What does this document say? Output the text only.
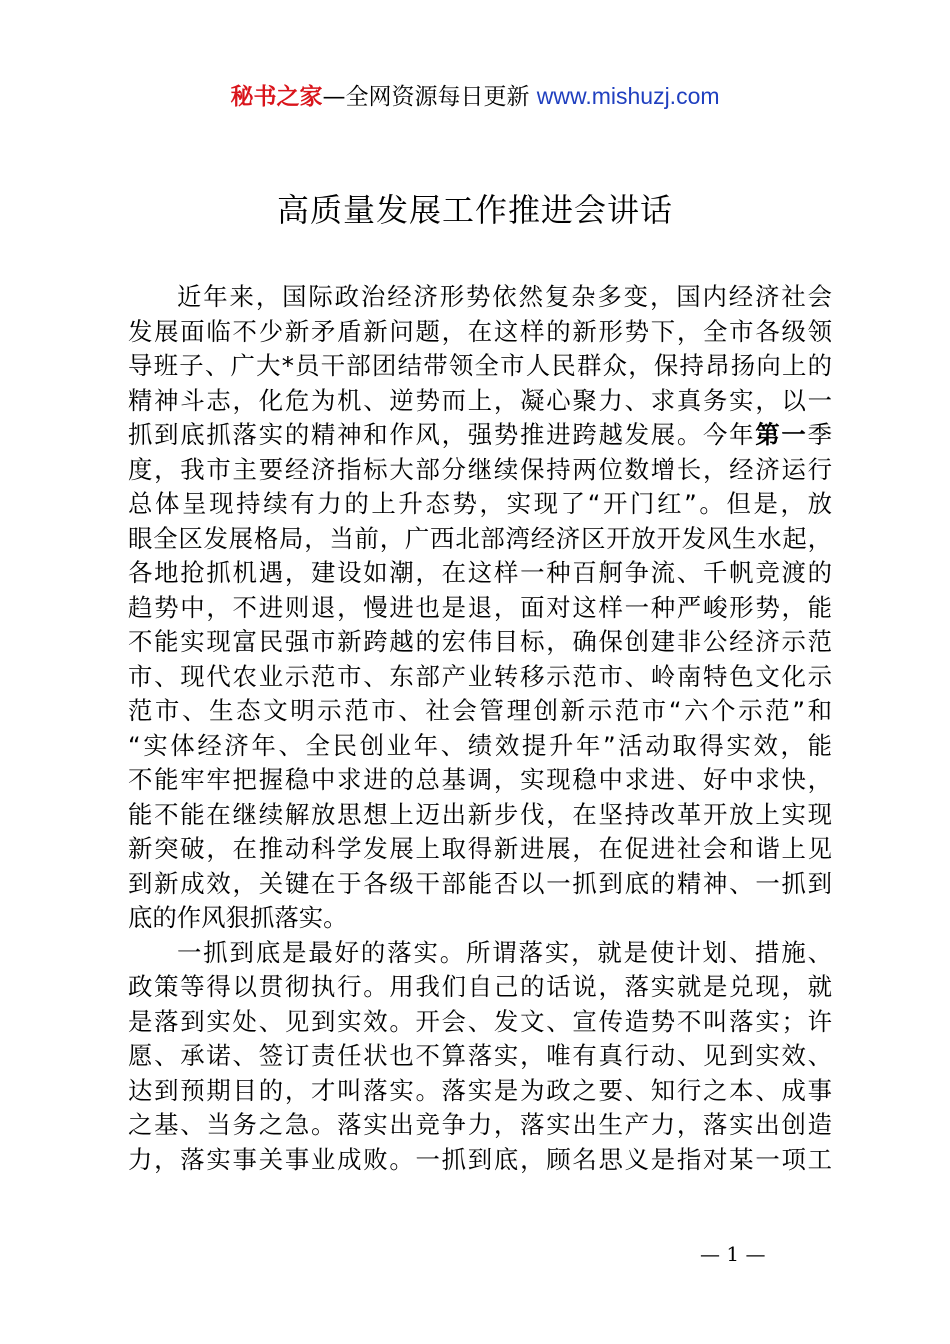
秘书之家—全网资源每日更新 www.mishuzj.com
高质量发展工作推进会讲话
近年来，国际政治经济形势依然复杂多变，国内经济社会
发展面临不少新矛盾新问题，在这样的新形势下，全市各级领
导班子、广大*员干部团结带领全市人民群众，保持昂扬向上的
精神斗志，化危为机、逆势而上，凝心聚力、求真务实，以一
抓到底抓落实的精神和作风，强势推进跨越发展。今年第一季
度，我市主要经济指标大部分继续保持两位数增长，经济运行
总体呈现持续有力的上升态势，实现了“开门红”。但是，放
眼全区发展格局，当前，广西北部湾经济区开放开发风生水起，
各地抢抓机遇，建设如潮，在这样一种百舸争流、千帆竞渡的
趋势中，不进则退，慢进也是退，面对这样一种严峻形势，能
不能实现富民强市新跨越的宏伟目标，确保创建非公经济示范
市、现代农业示范市、东部产业转移示范市、岭南特色文化示
范市、生态文明示范市、社会管理创新示范市“六个示范”和
“实体经济年、全民创业年、绩效提升年”活动取得实效，能
不能牢牢把握稳中求进的总基调，实现稳中求进、好中求快，
能不能在继续解放思想上迈出新步伐，在坚持改革开放上实现
新突破，在推动科学发展上取得新进展，在促进社会和谐上见
到新成效，关键在于各级干部能否以一抓到底的精神、一抓到
底的作风狠抓落实。
一抓到底是最好的落实。所谓落实，就是使计划、措施、
政策等得以贯彻执行。用我们自己的话说，落实就是兑现，就
是落到实处、见到实效。开会、发文、宣传造势不叫落实；许
愿、承诺、签订责任状也不算落实，唯有真行动、见到实效、
达到预期目的，才叫落实。落实是为政之要、知行之本、成事
之基、当务之急。落实出竞争力，落实出生产力，落实出创造
力，落实事关事业成败。一抓到底，顾名思义是指对某一项工
— 1 —
